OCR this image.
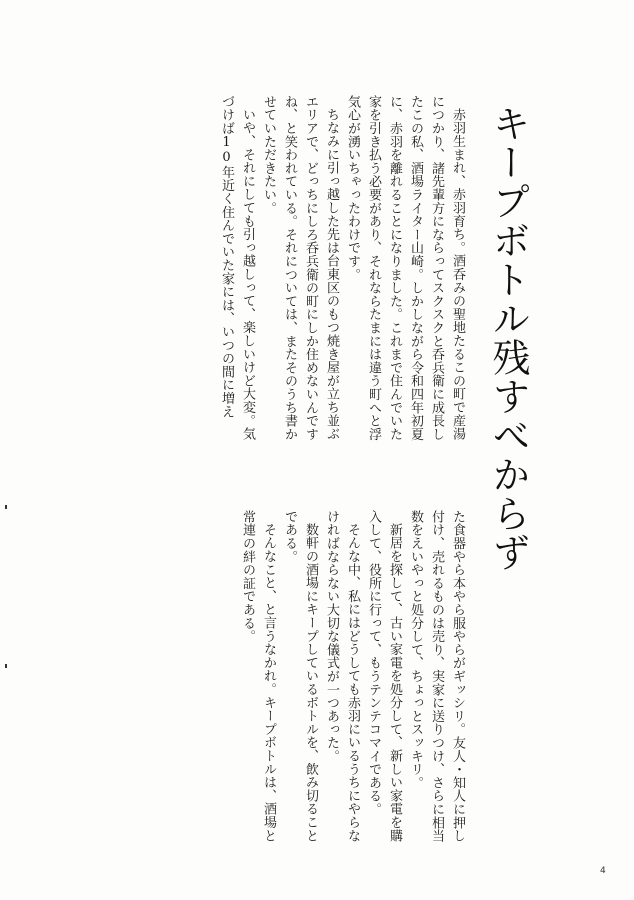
キープボトル残すべからず

赤羽生まれ、赤羽育ち。酒呑みの聖地たるこの町で産湯につかり、諸先輩方にならってスクスクと呑兵衛に成長したこの私、酒場ライター山崎。しかしながら令和四年初夏に、赤羽を離れることになりました。これまで住んでいた家を引き払う必要があり、それならたまには違う町へと浮気心が湧いちゃったわけです。

ちなみに引っ越した先は台東区のもつ焼き屋が立ち並ぶエリアで、どっちにしろ呑兵衛の町にしか住めないんですね、と笑われている。それについては、またそのうち書かせていただきたい。

いや、それにしても引っ越しって、楽しいけど大変。気づけば10年近く住んでいた家には、いつの間に増え

た食器やら本やら服やらがギッシリ。友人・知人に押し付け、売れるものは売り、実家に送りつけ、さらに相当数をえいやっと処分して、ちょっとスッキリ。

新居を探して、古い家電を処分して、新しい家電を購入して、役所に行って、もうテンテコマイである。

そんな中、私にはどうしても赤羽にいるうちにやらなければならない大切な儀式が一つあった。

数軒の酒場にキープしているボトルを、飲み切ることである。

そんなこと、と言うなかれ。キープボトルは、酒場と常連の絆の証である。

4
